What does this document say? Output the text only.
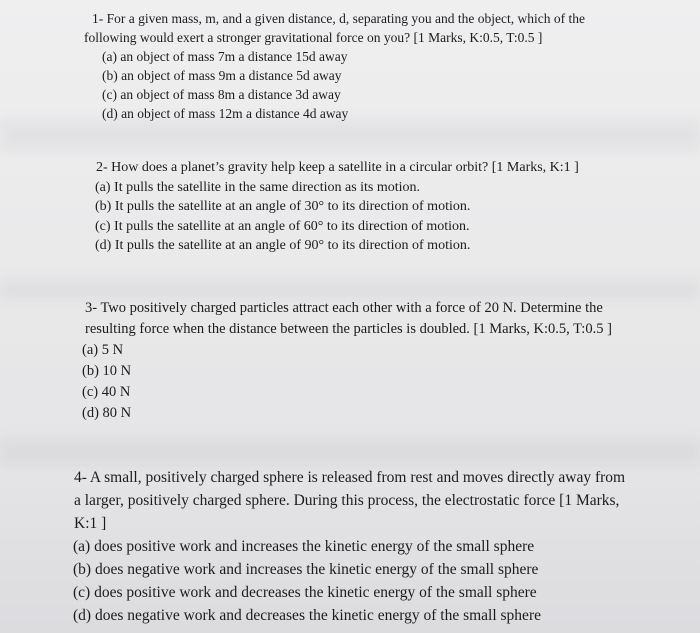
1- For a given mass, m, and a given distance, d, separating you and the object, which of the

following would exert a stronger gravitational force on you? [1 Marks, K:0.5, T:0.5 ]

(a) an object of mass 7m a distance 15d away

(b) an object of mass 9m a distance 5d away

(c) an object of mass 8m a distance 3d away

(d) an object of mass 12m a distance 4d away

2- How does a planet’s gravity help keep a satellite in a circular orbit? [1 Marks, K:1 ]

(a) It pulls the satellite in the same direction as its motion.

(b) It pulls the satellite at an angle of 30° to its direction of motion.

(c) It pulls the satellite at an angle of 60° to its direction of motion.

(d) It pulls the satellite at an angle of 90° to its direction of motion.

3- Two positively charged particles attract each other with a force of 20 N. Determine the

resulting force when the distance between the particles is doubled. [1 Marks, K:0.5, T:0.5 ]

(a) 5 N

(b) 10 N

(c) 40 N

(d) 80 N

4- A small, positively charged sphere is released from rest and moves directly away from

a larger, positively charged sphere. During this process, the electrostatic force [1 Marks,

K:1 ]

(a) does positive work and increases the kinetic energy of the small sphere

(b) does negative work and increases the kinetic energy of the small sphere

(c) does positive work and decreases the kinetic energy of the small sphere

(d) does negative work and decreases the kinetic energy of the small sphere
